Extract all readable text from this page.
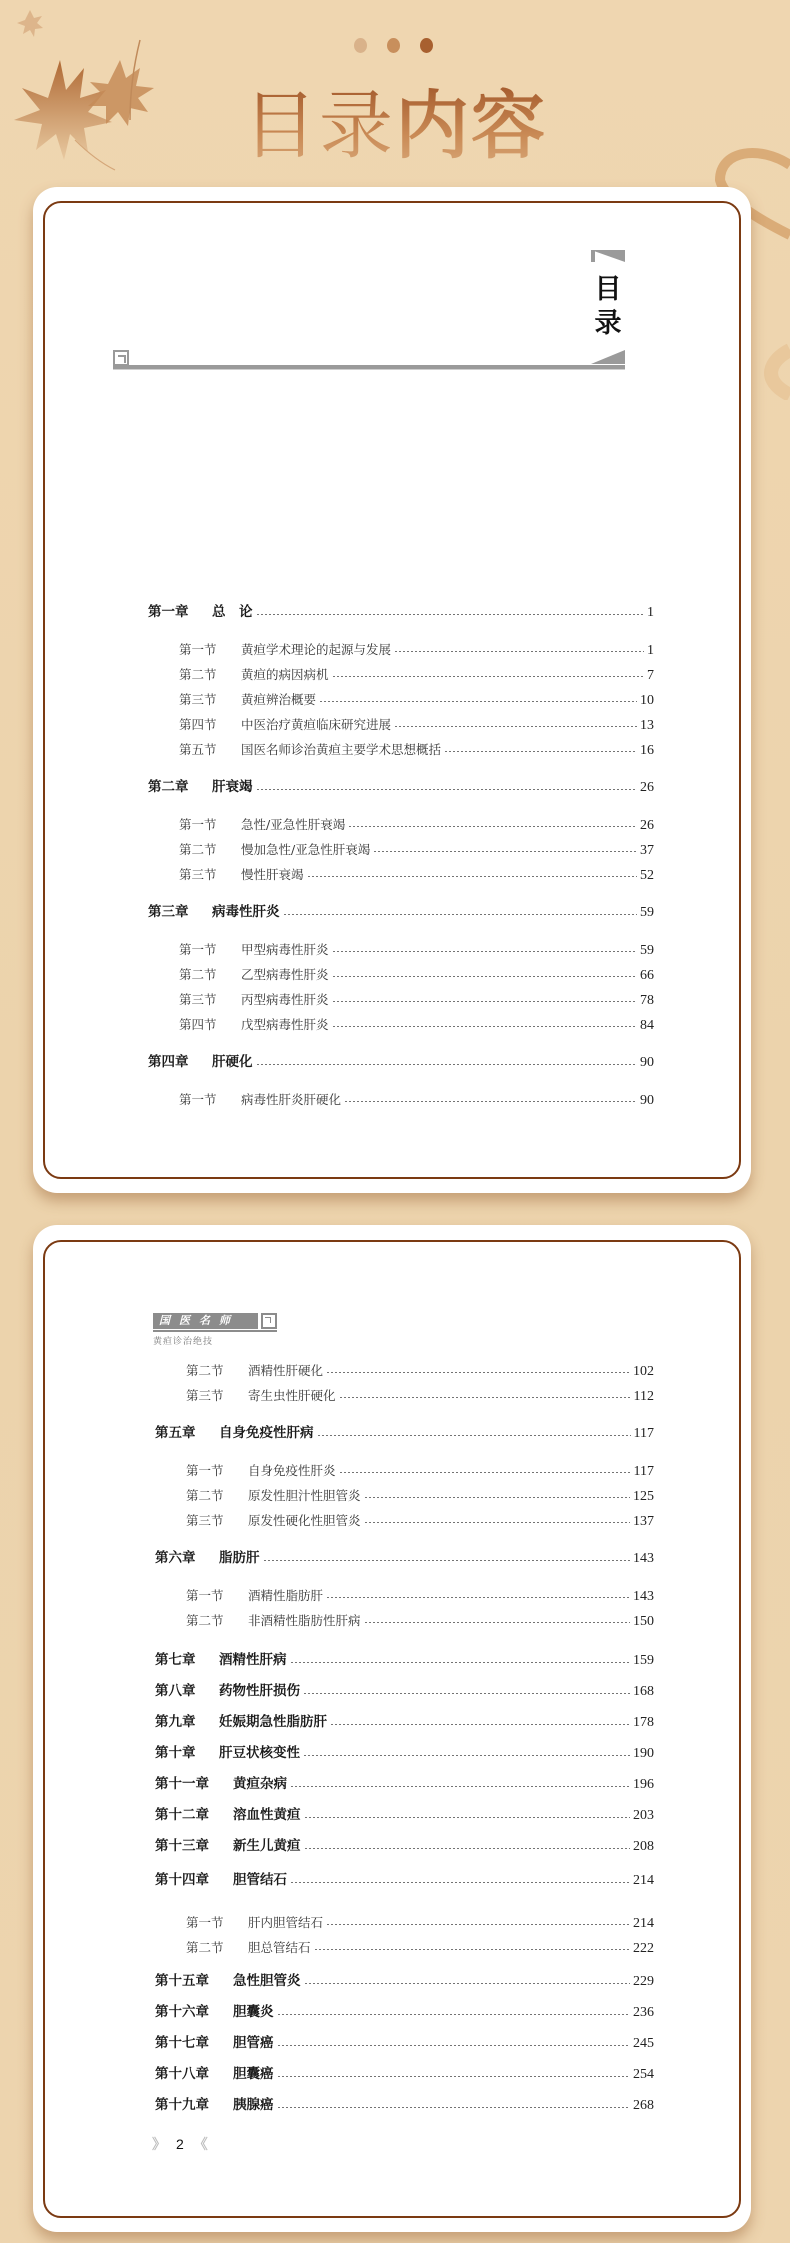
目录内容
目
录
第一章	总　论	1
第一节	黄疸学术理论的起源与发展	1
第二节	黄疸的病因病机	7
第三节	黄疸辨治概要	10
第四节	中医治疗黄疸临床研究进展	13
第五节	国医名师诊治黄疸主要学术思想概括	16
第二章	肝衰竭	26
第一节	急性/亚急性肝衰竭	26
第二节	慢加急性/亚急性肝衰竭	37
第三节	慢性肝衰竭	52
第三章	病毒性肝炎	59
第一节	甲型病毒性肝炎	59
第二节	乙型病毒性肝炎	66
第三节	丙型病毒性肝炎	78
第四节	戊型病毒性肝炎	84
第四章	肝硬化	90
第一节	病毒性肝炎肝硬化	90
国医名师
黄疸诊治绝技
第二节	酒精性肝硬化	102
第三节	寄生虫性肝硬化	112
第五章	自身免疫性肝病	117
第一节	自身免疫性肝炎	117
第二节	原发性胆汁性胆管炎	125
第三节	原发性硬化性胆管炎	137
第六章	脂肪肝	143
第一节	酒精性脂肪肝	143
第二节	非酒精性脂肪性肝病	150
第七章	酒精性肝病	159
第八章	药物性肝损伤	168
第九章	妊娠期急性脂肪肝	178
第十章	肝豆状核变性	190
第十一章	黄疸杂病	196
第十二章	溶血性黄疸	203
第十三章	新生儿黄疸	208
第十四章	胆管结石	214
第一节	肝内胆管结石	214
第二节	胆总管结石	222
第十五章	急性胆管炎	229
第十六章	胆囊炎	236
第十七章	胆管癌	245
第十八章	胆囊癌	254
第十九章	胰腺癌	268
》 2 《
